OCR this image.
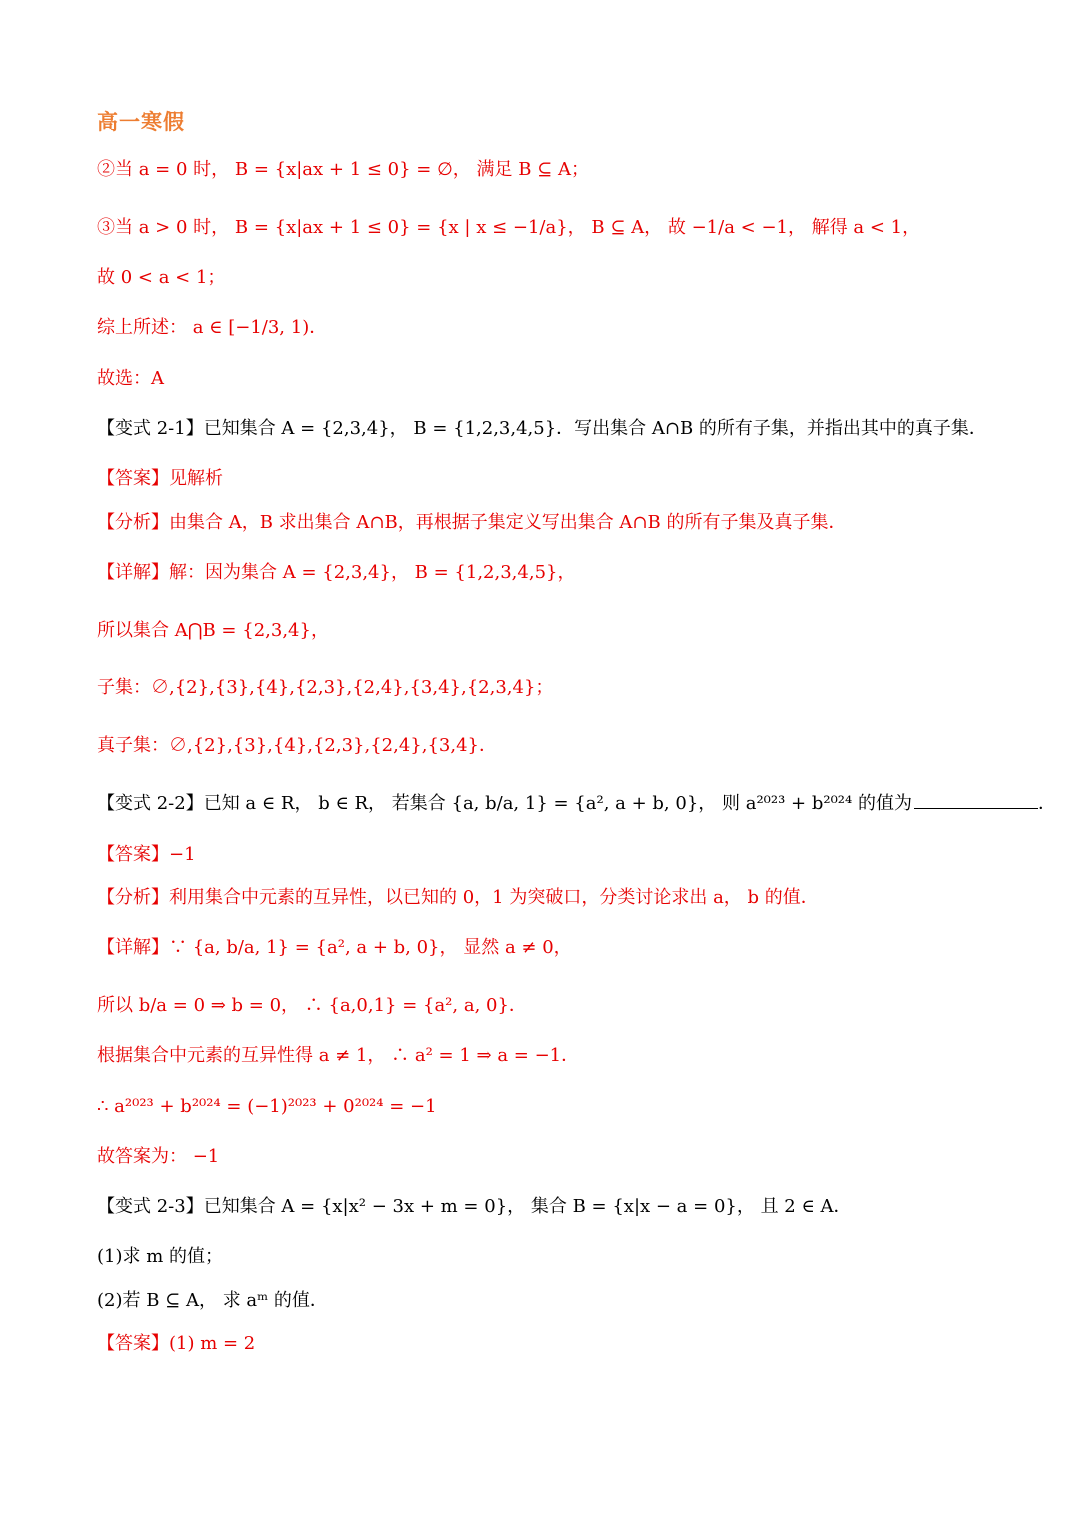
高一寒假
②当 a = 0 时， B = {x|ax + 1 ≤ 0} = ∅， 满足 B ⊆ A；
③当 a > 0 时， B = {x|ax + 1 ≤ 0} = {x | x ≤ −1/a}， B ⊆ A， 故 −1/a < −1， 解得 a < 1，
故 0 < a < 1；
综上所述： a ∈ [−1/3, 1)．
故选：A
【变式 2-1】已知集合 A = {2,3,4}， B = {1,2,3,4,5}．写出集合 A∩B 的所有子集，并指出其中的真子集．
【答案】见解析
【分析】由集合 A，B 求出集合 A∩B，再根据子集定义写出集合 A∩B 的所有子集及真子集．
【详解】解：因为集合 A = {2,3,4}， B = {1,2,3,4,5}，
所以集合 A⋂B = {2,3,4}，
子集：∅,{2},{3},{4},{2,3},{2,4},{3,4},{2,3,4}；
真子集：∅,{2},{3},{4},{2,3},{2,4},{3,4}．
【变式 2-2】已知 a ∈ R， b ∈ R， 若集合 {a, b/a, 1} = {a², a + b, 0}， 则 a²⁰²³ + b²⁰²⁴ 的值为	．
【答案】−1
【分析】利用集合中元素的互异性，以已知的 0，1 为突破口，分类讨论求出 a， b 的值．
【详解】∵ {a, b/a, 1} = {a², a + b, 0}， 显然 a ≠ 0，
所以 b/a = 0 ⇒ b = 0， ∴ {a,0,1} = {a², a, 0}．
根据集合中元素的互异性得 a ≠ 1， ∴ a² = 1 ⇒ a = −1．
∴ a²⁰²³ + b²⁰²⁴ = (−1)²⁰²³ + 0²⁰²⁴ = −1
故答案为： −1
【变式 2-3】已知集合 A = {x|x² − 3x + m = 0}， 集合 B = {x|x − a = 0}， 且 2 ∈ A．
(1)求 m 的值；
(2)若 B ⊆ A， 求 aᵐ 的值．
【答案】(1) m = 2
